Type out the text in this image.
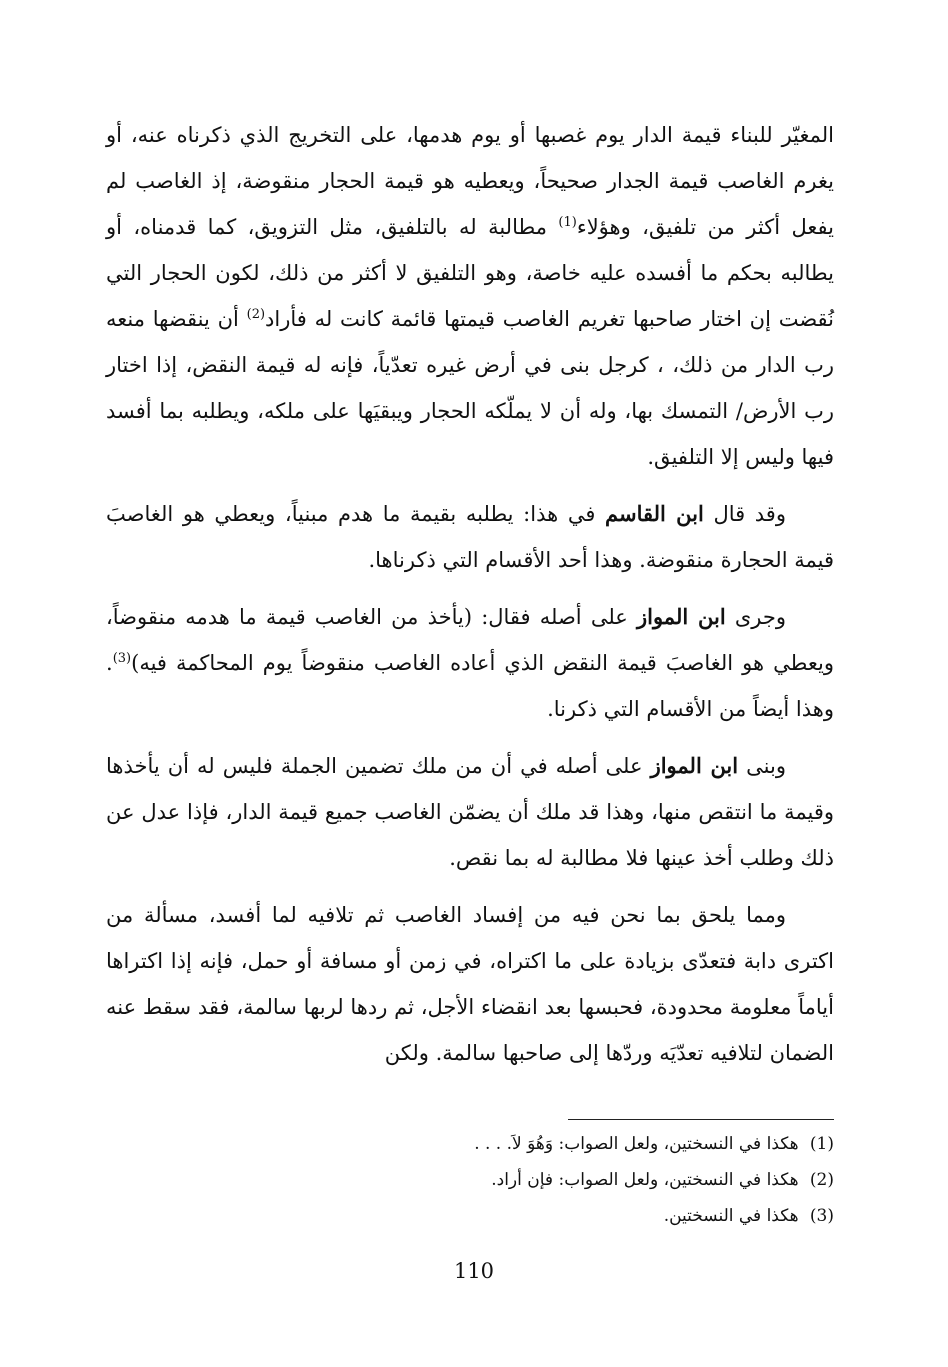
المغيّر للبناء قيمة الدار يوم غصبها أو يوم هدمها، على التخريج الذي ذكرناه عنه، أو يغرم الغاصب قيمة الجدار صحيحاً، ويعطيه هو قيمة الحجار منقوضة، إذ الغاصب لم يفعل أكثر من تلفيق، وهؤلاء$^{(1)}$ مطالبة له بالتلفيق، مثل التزويق، كما قدمناه، أو يطالبه بحكم ما أفسده عليه خاصة، وهو التلفيق لا أكثر من ذلك، لكون الحجار التي نُقضت إن اختار صاحبها تغريم الغاصب قيمتها قائمة كانت له فأراد$^{(2)}$ أن ينقضها منعه رب الدار من ذلك، ، كرجل بنى في أرض غيره تعدّياً، فإنه له قيمة النقض، إذا اختار رب الأرض/ التمسك بها، وله أن لا يملّكه الحجار ويبقيَها على ملكه، ويطلبه بما أفسد فيها وليس إلا التلفيق.

وقد قال ابن القاسم في هذا: يطلبه بقيمة ما هدم مبنياً، ويعطي هو الغاصبَ قيمة الحجارة منقوضة. وهذا أحد الأقسام التي ذكرناها.

وجرى ابن المواز على أصله فقال: (يأخذ من الغاصب قيمة ما هدمه منقوضاً، ويعطي هو الغاصبَ قيمة النقض الذي أعاده الغاصب منقوضاً يوم المحاكمة فيه)$^{(3)}$. وهذا أيضاً من الأقسام التي ذكرنا.

وبنى ابن المواز على أصله في أن من ملك تضمين الجملة فليس له أن يأخذها وقيمة ما انتقص منها، وهذا قد ملك أن يضمّن الغاصب جميع قيمة الدار، فإذا عدل عن ذلك وطلب أخذ عينها فلا مطالبة له بما نقص.

ومما يلحق بما نحن فيه من إفساد الغاصب ثم تلافيه لما أفسد، مسألة من اكترى دابة فتعدّى بزيادة على ما اكتراه، في زمن أو مسافة أو حمل، فإنه إذا اكتراها أياماً معلومة محدودة، فحبسها بعد انقضاء الأجل، ثم ردها لربها سالمة، فقد سقط عنه الضمان لتلافيه تعدّيَه وردّها إلى صاحبها سالمة. ولكن

(1) هكذا في النسختين، ولعل الصواب: وَهُوَ لاَ. . . .
(2) هكذا في النسختين، ولعل الصواب: فإن أراد.
(3) هكذا في النسختين.
110
